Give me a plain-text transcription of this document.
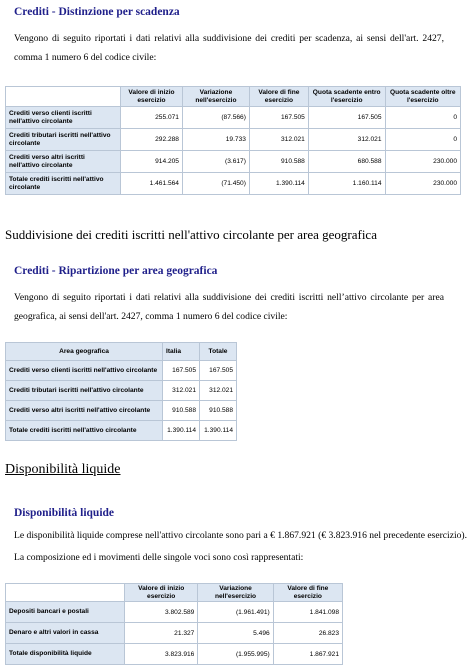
Crediti - Distinzione per scadenza
Vengono di seguito riportati i dati relativi alla suddivisione dei crediti per scadenza, ai sensi dell'art. 2427, comma 1 numero 6 del codice civile:
	Valore di inizio esercizio	Variazione nell'esercizio	Valore di fine esercizio	Quota scadente entro l'esercizio	Quota scadente oltre l'esercizio
Crediti verso clienti iscritti nell'attivo circolante	255.071	(87.566)	167.505	167.505	0
Crediti tributari iscritti nell'attivo circolante	292.288	19.733	312.021	312.021	0
Crediti verso altri iscritti nell'attivo circolante	914.205	(3.617)	910.588	680.588	230.000
Totale crediti iscritti nell'attivo circolante	1.461.564	(71.450)	1.390.114	1.160.114	230.000
Suddivisione dei crediti iscritti nell'attivo circolante per area geografica
Crediti - Ripartizione per area geografica
Vengono di seguito riportati i dati relativi alla suddivisione dei crediti iscritti nell’attivo circolante per area geografica, ai sensi dell'art. 2427, comma 1 numero 6 del codice civile:
Area geografica	Italia	Totale
Crediti verso clienti iscritti nell'attivo circolante	167.505	167.505
Crediti tributari iscritti nell'attivo circolante	312.021	312.021
Crediti verso altri iscritti nell'attivo circolante	910.588	910.588
Totale crediti iscritti nell'attivo circolante	1.390.114	1.390.114
Disponibilità liquide
Disponibilità liquide
Le disponibilità liquide comprese nell'attivo circolante sono pari a € 1.867.921 (€ 3.823.916 nel precedente esercizio).
La composizione ed i movimenti delle singole voci sono così rappresentati:
	Valore di inizio esercizio	Variazione nell'esercizio	Valore di fine esercizio
Depositi bancari e postali	3.802.589	(1.961.491)	1.841.098
Denaro e altri valori in cassa	21.327	5.496	26.823
Totale disponibilità liquide	3.823.916	(1.955.995)	1.867.921
